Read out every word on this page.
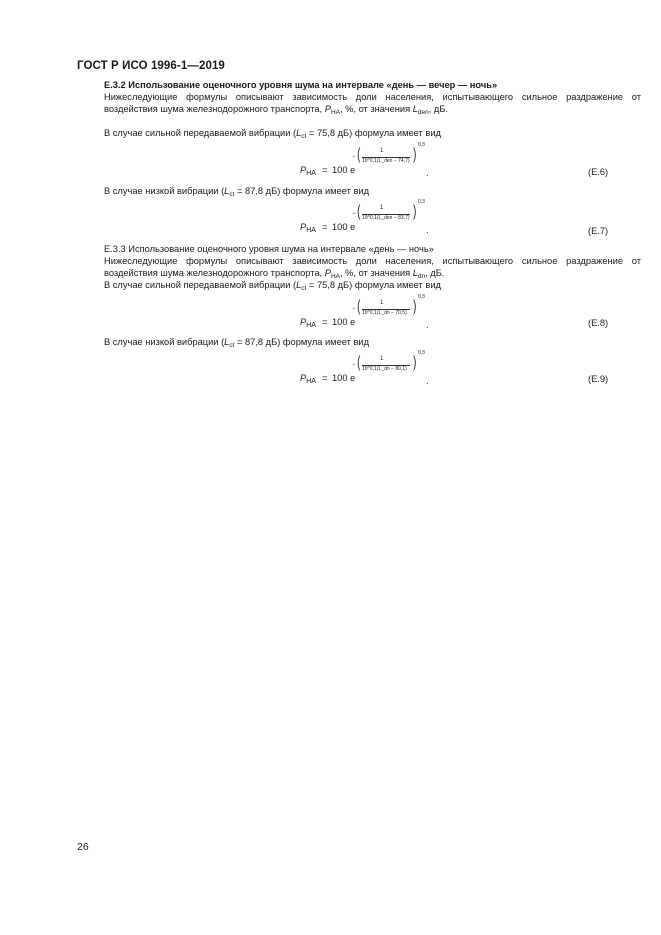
ГОСТ Р ИСО 1996-1—2019
E.3.2 Использование оценочного уровня шума на интервале «день — вечер — ночь»
Нижеследующие формулы описывают зависимость доли населения, испытывающего сильное раздражение от воздействия шума железнодорожного транспорта, $P_{HA}$, %, от значения $L_{den}$, дБ.
В случае сильной передаваемой вибрации ($L_{ct} = 75,8$ дБ) формула имеет вид
$P_{HA} = 100$ e
− (	1
10^0,1(L_den − 74,7) )
0,3
.	(E.6)
В случае низкой вибрации ($L_{ct} = 87,8$ дБ) формула имеет вид
$P_{HA} = 100$ e
− (	1
10^0,1(L_den − 83,7) )
0,3
.	(E.7)
E.3.3 Использование оценочного уровня шума на интервале «день — ночь»
Нижеследующие формулы описывают зависимость доли населения, испытывающего сильное раздражение от воздействия шума железнодорожного транспорта, $P_{HA}$, %, от значения $L_{dn}$, дБ.
В случае сильной передаваемой вибрации ($L_{ct} = 75,8$ дБ) формула имеет вид
$P_{HA} = 100$ e
− (	1
10^0,1(L_dn − 70,5) )
0,3
.	(E.8)
В случае низкой вибрации ($L_{ct} = 87,8$ дБ) формула имеет вид
$P_{HA} = 100$ e
− (	1
10^0,1(L_dn − 80,1) )
0,3
.	(E.9)
26
